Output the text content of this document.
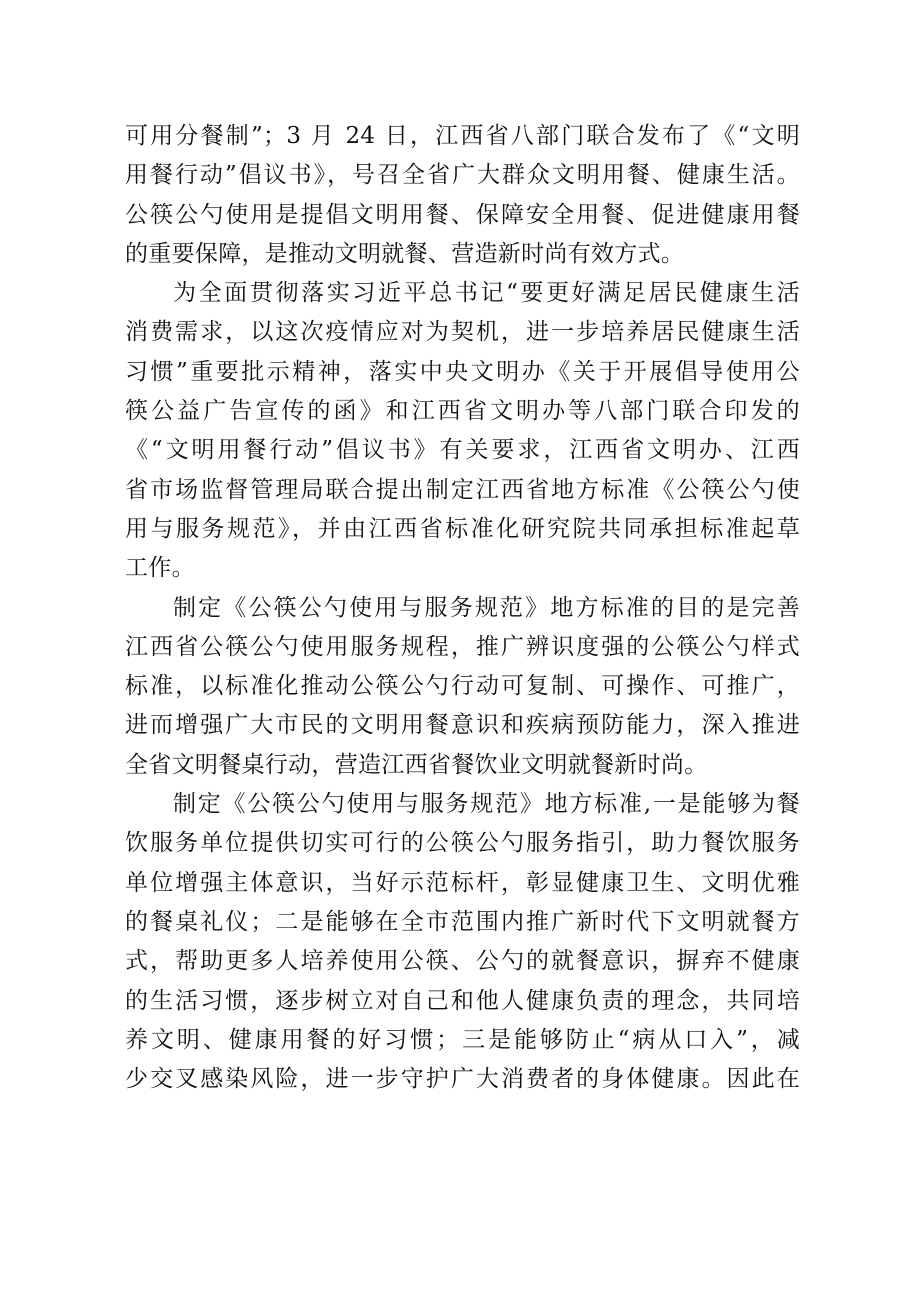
可用分餐制”；3 月 24 日，江西省八部门联合发布了《“文明
用餐行动”倡议书》，号召全省广大群众文明用餐、健康生活。
公筷公勺使用是提倡文明用餐、保障安全用餐、促进健康用餐
的重要保障，是推动文明就餐、营造新时尚有效方式。

为全面贯彻落实习近平总书记“要更好满足居民健康生活
消费需求，以这次疫情应对为契机，进一步培养居民健康生活
习惯”重要批示精神，落实中央文明办《关于开展倡导使用公
筷公益广告宣传的函》和江西省文明办等八部门联合印发的
《“文明用餐行动”倡议书》有关要求，江西省文明办、江西
省市场监督管理局联合提出制定江西省地方标准《公筷公勺使
用与服务规范》，并由江西省标准化研究院共同承担标准起草
工作。

制定《公筷公勺使用与服务规范》地方标准的目的是完善
江西省公筷公勺使用服务规程，推广辨识度强的公筷公勺样式
标准，以标准化推动公筷公勺行动可复制、可操作、可推广，
进而增强广大市民的文明用餐意识和疾病预防能力，深入推进
全省文明餐桌行动，营造江西省餐饮业文明就餐新时尚。

制定《公筷公勺使用与服务规范》地方标准,一是能够为餐
饮服务单位提供切实可行的公筷公勺服务指引，助力餐饮服务
单位增强主体意识，当好示范标杆，彰显健康卫生、文明优雅
的餐桌礼仪；二是能够在全市范围内推广新时代下文明就餐方
式，帮助更多人培养使用公筷、公勺的就餐意识，摒弃不健康
的生活习惯，逐步树立对自己和他人健康负责的理念，共同培
养文明、健康用餐的好习惯；三是能够防止“病从口入”，减
少交叉感染风险，进一步守护广大消费者的身体健康。因此在
